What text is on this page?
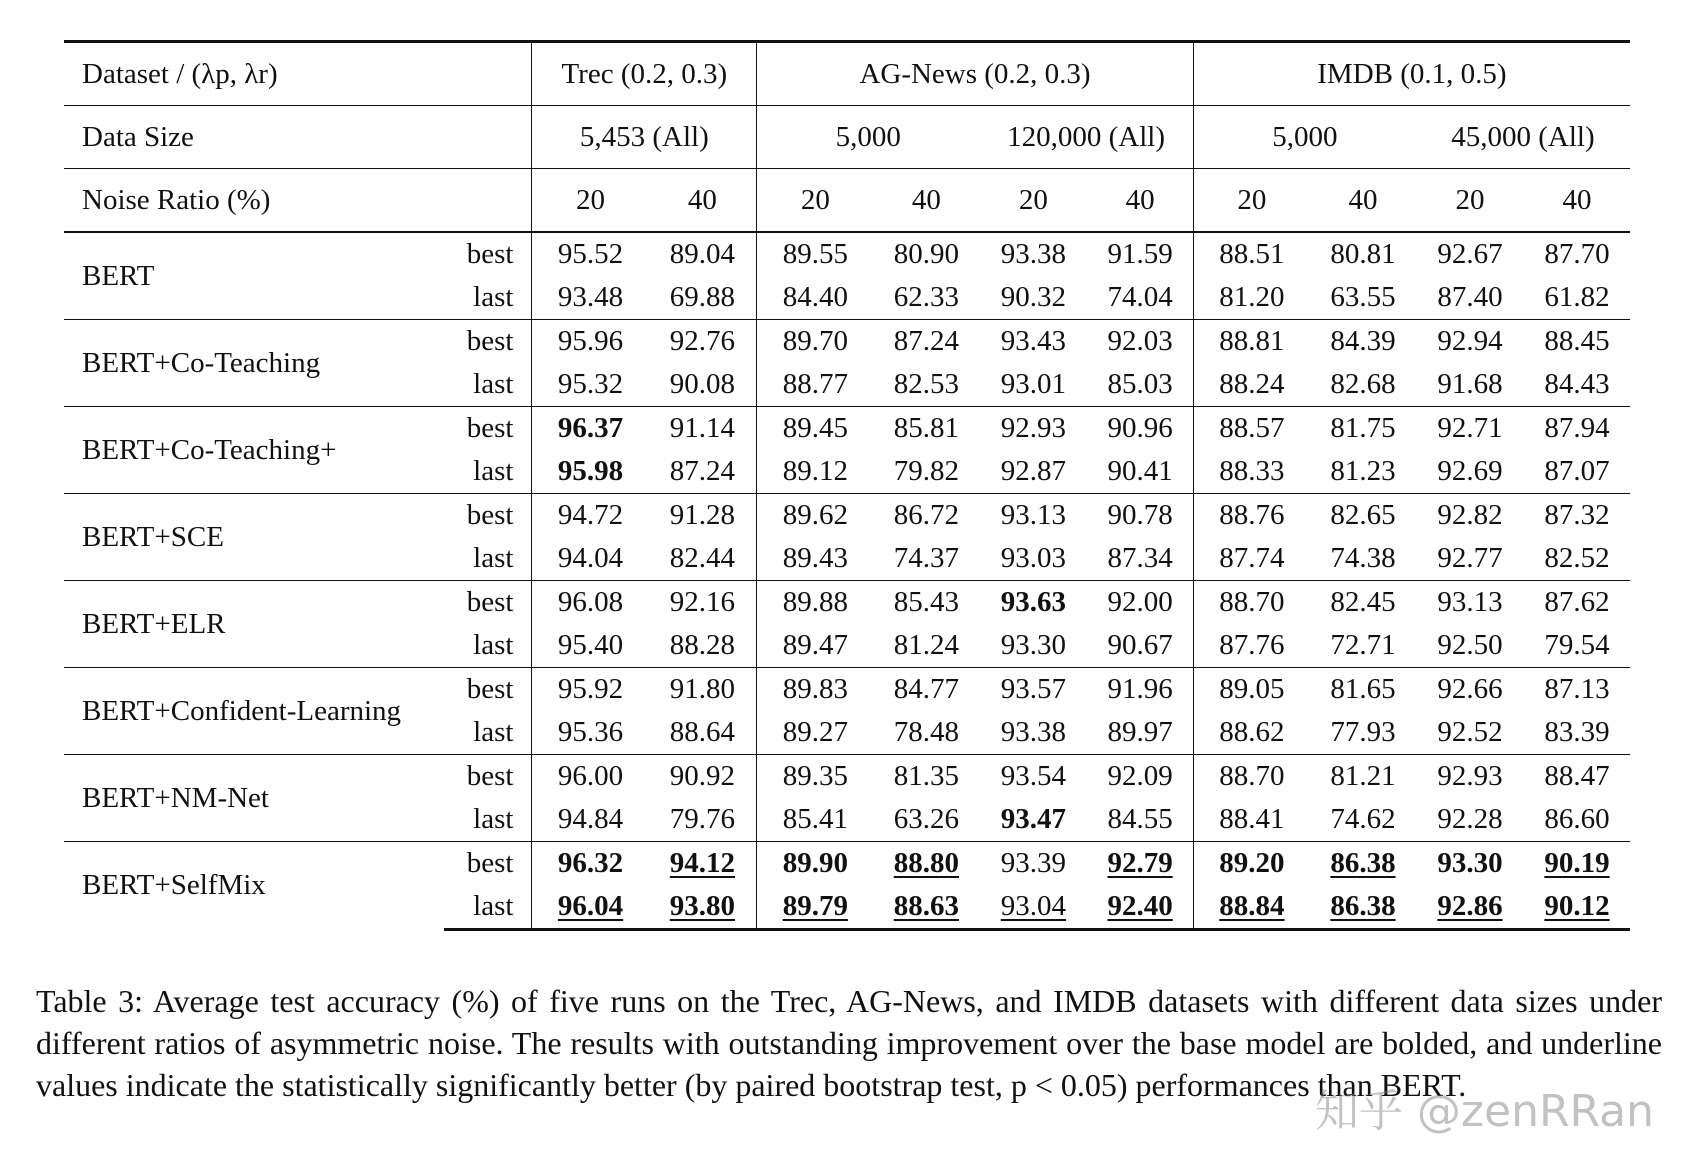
Dataset / (λp, λr)		Trec (0.2, 0.3)		AG-News (0.2, 0.3)				IMDB (0.1, 0.5)			
Data Size		5,453 (All)		5,000		120,000 (All)		5,000		45,000 (All)	
Noise Ratio (%)		20	40	20	40	20	40	20	40	20	40
BERT	best	95.52	89.04	89.55	80.90	93.38	91.59	88.51	80.81	92.67	87.70
	last	93.48	69.88	84.40	62.33	90.32	74.04	81.20	63.55	87.40	61.82
BERT+Co-Teaching	best	95.96	92.76	89.70	87.24	93.43	92.03	88.81	84.39	92.94	88.45
	last	95.32	90.08	88.77	82.53	93.01	85.03	88.24	82.68	91.68	84.43
BERT+Co-Teaching+	best	96.37	91.14	89.45	85.81	92.93	90.96	88.57	81.75	92.71	87.94
	last	95.98	87.24	89.12	79.82	92.87	90.41	88.33	81.23	92.69	87.07
BERT+SCE	best	94.72	91.28	89.62	86.72	93.13	90.78	88.76	82.65	92.82	87.32
	last	94.04	82.44	89.43	74.37	93.03	87.34	87.74	74.38	92.77	82.52
BERT+ELR	best	96.08	92.16	89.88	85.43	93.63	92.00	88.70	82.45	93.13	87.62
	last	95.40	88.28	89.47	81.24	93.30	90.67	87.76	72.71	92.50	79.54
BERT+Confident-Learning	best	95.92	91.80	89.83	84.77	93.57	91.96	89.05	81.65	92.66	87.13
	last	95.36	88.64	89.27	78.48	93.38	89.97	88.62	77.93	92.52	83.39
BERT+NM-Net	best	96.00	90.92	89.35	81.35	93.54	92.09	88.70	81.21	92.93	88.47
	last	94.84	79.76	85.41	63.26	93.47	84.55	88.41	74.62	92.28	86.60
BERT+SelfMix	best	96.32	94.12	89.90	88.80	93.39	92.79	89.20	86.38	93.30	90.19
	last	96.04	93.80	89.79	88.63	93.04	92.40	88.84	86.38	92.86	90.12
Table 3: Average test accuracy (%) of five runs on the Trec, AG-News, and IMDB datasets with different data sizes under different ratios of asymmetric noise. The results with outstanding improvement over the base model are bolded, and underline values indicate the statistically significantly better (by paired bootstrap test, p < 0.05) performances than BERT.
知乎 @zenRRan
